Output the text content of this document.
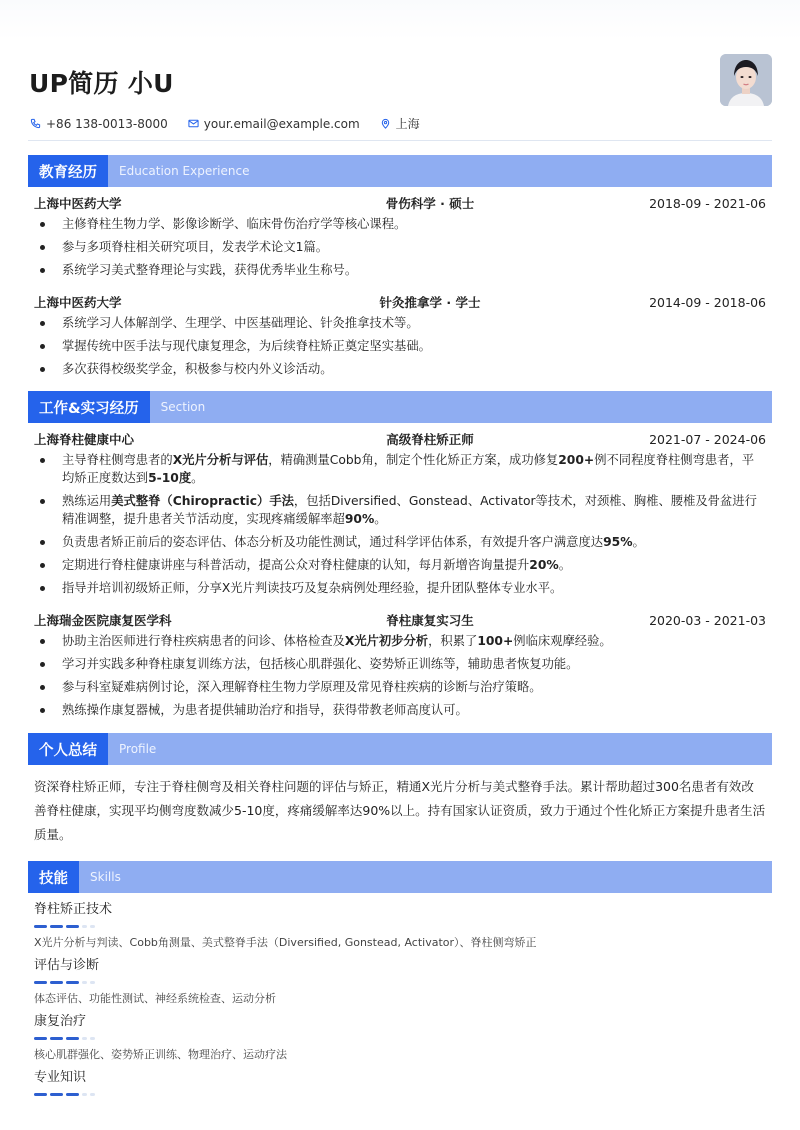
UP简历 小U
+86 138-0013-8000	your.email@example.com	上海
教育经历	Education Experience
上海中医药大学	骨伤科学 · 硕士	2018-09 - 2021-06
主修脊柱生物力学、影像诊断学、临床骨伤治疗学等核心课程。
参与多项脊柱相关研究项目，发表学术论文1篇。
系统学习美式整脊理论与实践，获得优秀毕业生称号。
上海中医药大学	针灸推拿学 · 学士	2014-09 - 2018-06
系统学习人体解剖学、生理学、中医基础理论、针灸推拿技术等。
掌握传统中医手法与现代康复理念，为后续脊柱矫正奠定坚实基础。
多次获得校级奖学金，积极参与校内外义诊活动。
工作&实习经历	Section
上海脊柱健康中心	高级脊柱矫正师	2021-07 - 2024-06
主导脊柱侧弯患者的X光片分析与评估，精确测量Cobb角，制定个性化矫正方案，成功修复200+例不同程度脊柱侧弯患者，平均矫正度数达到5-10度。
熟练运用美式整脊（Chiropractic）手法，包括Diversified、Gonstead、Activator等技术，对颈椎、胸椎、腰椎及骨盆进行精准调整，提升患者关节活动度，实现疼痛缓解率超90%。
负责患者矫正前后的姿态评估、体态分析及功能性测试，通过科学评估体系，有效提升客户满意度达95%。
定期进行脊柱健康讲座与科普活动，提高公众对脊柱健康的认知，每月新增咨询量提升20%。
指导并培训初级矫正师，分享X光片判读技巧及复杂病例处理经验，提升团队整体专业水平。
上海瑞金医院康复医学科	脊柱康复实习生	2020-03 - 2021-03
协助主治医师进行脊柱疾病患者的问诊、体格检查及X光片初步分析，积累了100+例临床观摩经验。
学习并实践多种脊柱康复训练方法，包括核心肌群强化、姿势矫正训练等，辅助患者恢复功能。
参与科室疑难病例讨论，深入理解脊柱生物力学原理及常见脊柱疾病的诊断与治疗策略。
熟练操作康复器械，为患者提供辅助治疗和指导，获得带教老师高度认可。
个人总结	Profile
资深脊柱矫正师，专注于脊柱侧弯及相关脊柱问题的评估与矫正，精通X光片分析与美式整脊手法。累计帮助超过300名患者有效改善脊柱健康，实现平均侧弯度数减少5-10度，疼痛缓解率达90%以上。持有国家认证资质，致力于通过个性化矫正方案提升患者生活质量。
技能	Skills
脊柱矫正技术
X光片分析与判读、Cobb角测量、美式整脊手法（Diversified, Gonstead, Activator）、脊柱侧弯矫正
评估与诊断
体态评估、功能性测试、神经系统检查、运动分析
康复治疗
核心肌群强化、姿势矫正训练、物理治疗、运动疗法
专业知识
